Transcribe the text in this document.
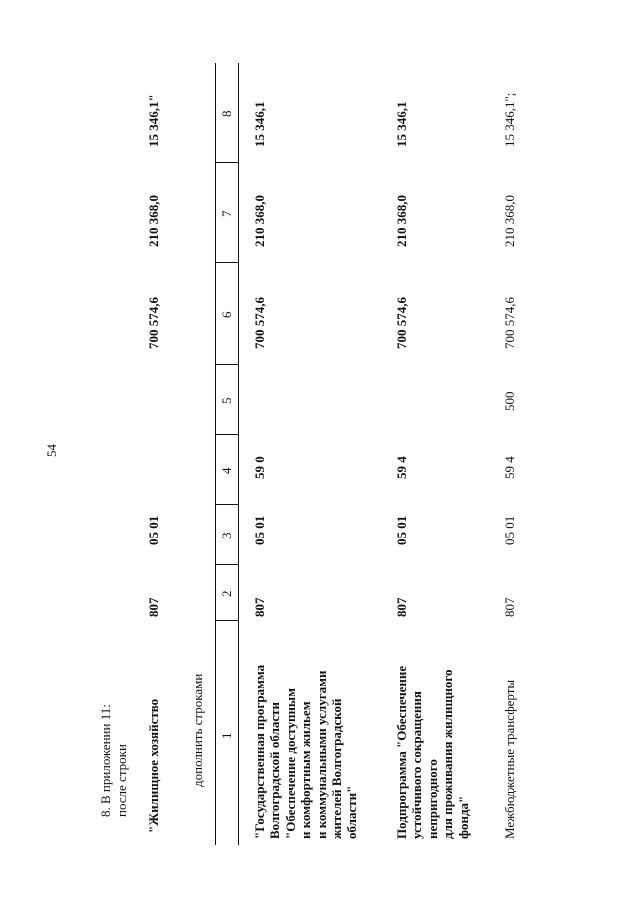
54
8. В приложении 11: после строки "Жилищное хозяйство
807
05 01
700 574,6
210 368,0
15 346,1"
дополнить строками 1
2
3
4
5
6
7
8
"Государственная программа
Волгоградской области
"Обеспечение доступным
и комфортным жильем
и коммунальными услугами
жителей Волгоградской
области"
807
05 01
59 0
700 574,6
210 368,0
15 346,1
Подпрограмма "Обеспечение
устойчивого сокращения
непригодного
для проживания жилищного
фонда"
807
05 01
59 4
700 574,6
210 368,0
15 346,1
Межбюджетные трансферты
807
05 01
59 4
500
700 574,6
210 368,0
15 346,1";
